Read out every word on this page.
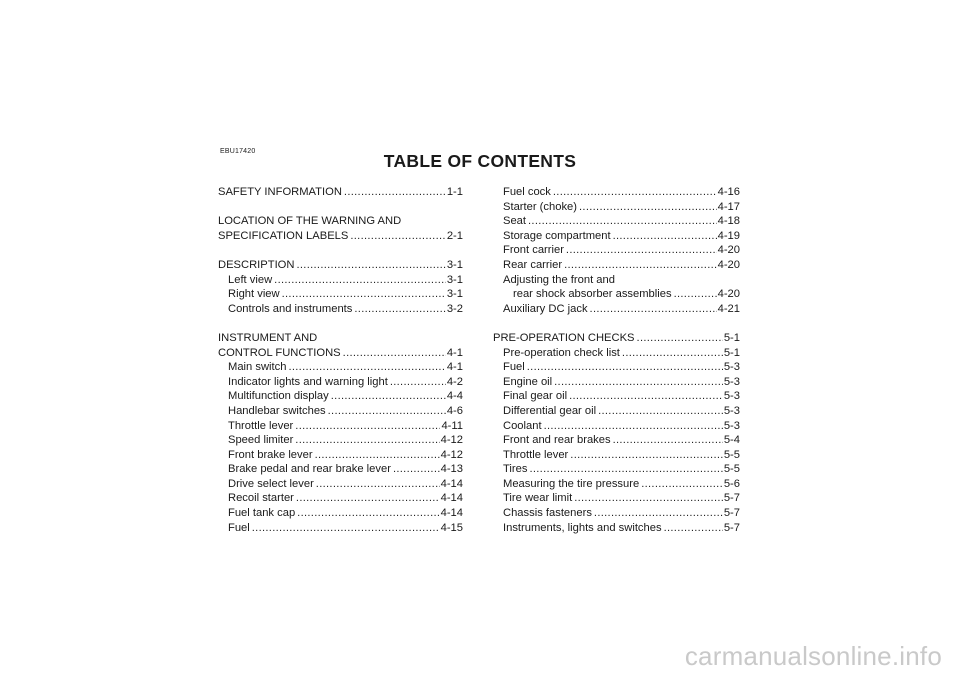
EBU17420	TABLE OF CONTENTS
SAFETY INFORMATION .....	1-1
LOCATION OF THE WARNING AND
SPECIFICATION LABELS .....	2-1
DESCRIPTION .....	3-1
Left view .....	3-1
Right view .....	3-1
Controls and instruments .....	3-2
INSTRUMENT AND
CONTROL FUNCTIONS .....	4-1
Main switch .....	4-1
Indicator lights and warning light .....	4-2
Multifunction display .....	4-4
Handlebar switches .....	4-6
Throttle lever .....	4-11
Speed limiter .....	4-12
Front brake lever .....	4-12
Brake pedal and rear brake lever .....	4-13
Drive select lever .....	4-14
Recoil starter .....	4-14
Fuel tank cap .....	4-14
Fuel .....	4-15
Fuel cock .....	4-16
Starter (choke) .....	4-17
Seat .....	4-18
Storage compartment .....	4-19
Front carrier .....	4-20
Rear carrier .....	4-20
Adjusting the front and
rear shock absorber assemblies .....	4-20
Auxiliary DC jack .....	4-21
PRE-OPERATION CHECKS .....	5-1
Pre-operation check list .....	5-1
Fuel .....	5-3
Engine oil .....	5-3
Final gear oil .....	5-3
Differential gear oil .....	5-3
Coolant .....	5-3
Front and rear brakes .....	5-4
Throttle lever .....	5-5
Tires .....	5-5
Measuring the tire pressure .....	5-6
Tire wear limit .....	5-7
Chassis fasteners .....	5-7
Instruments, lights and switches .....	5-7
carmanualsonline.info
